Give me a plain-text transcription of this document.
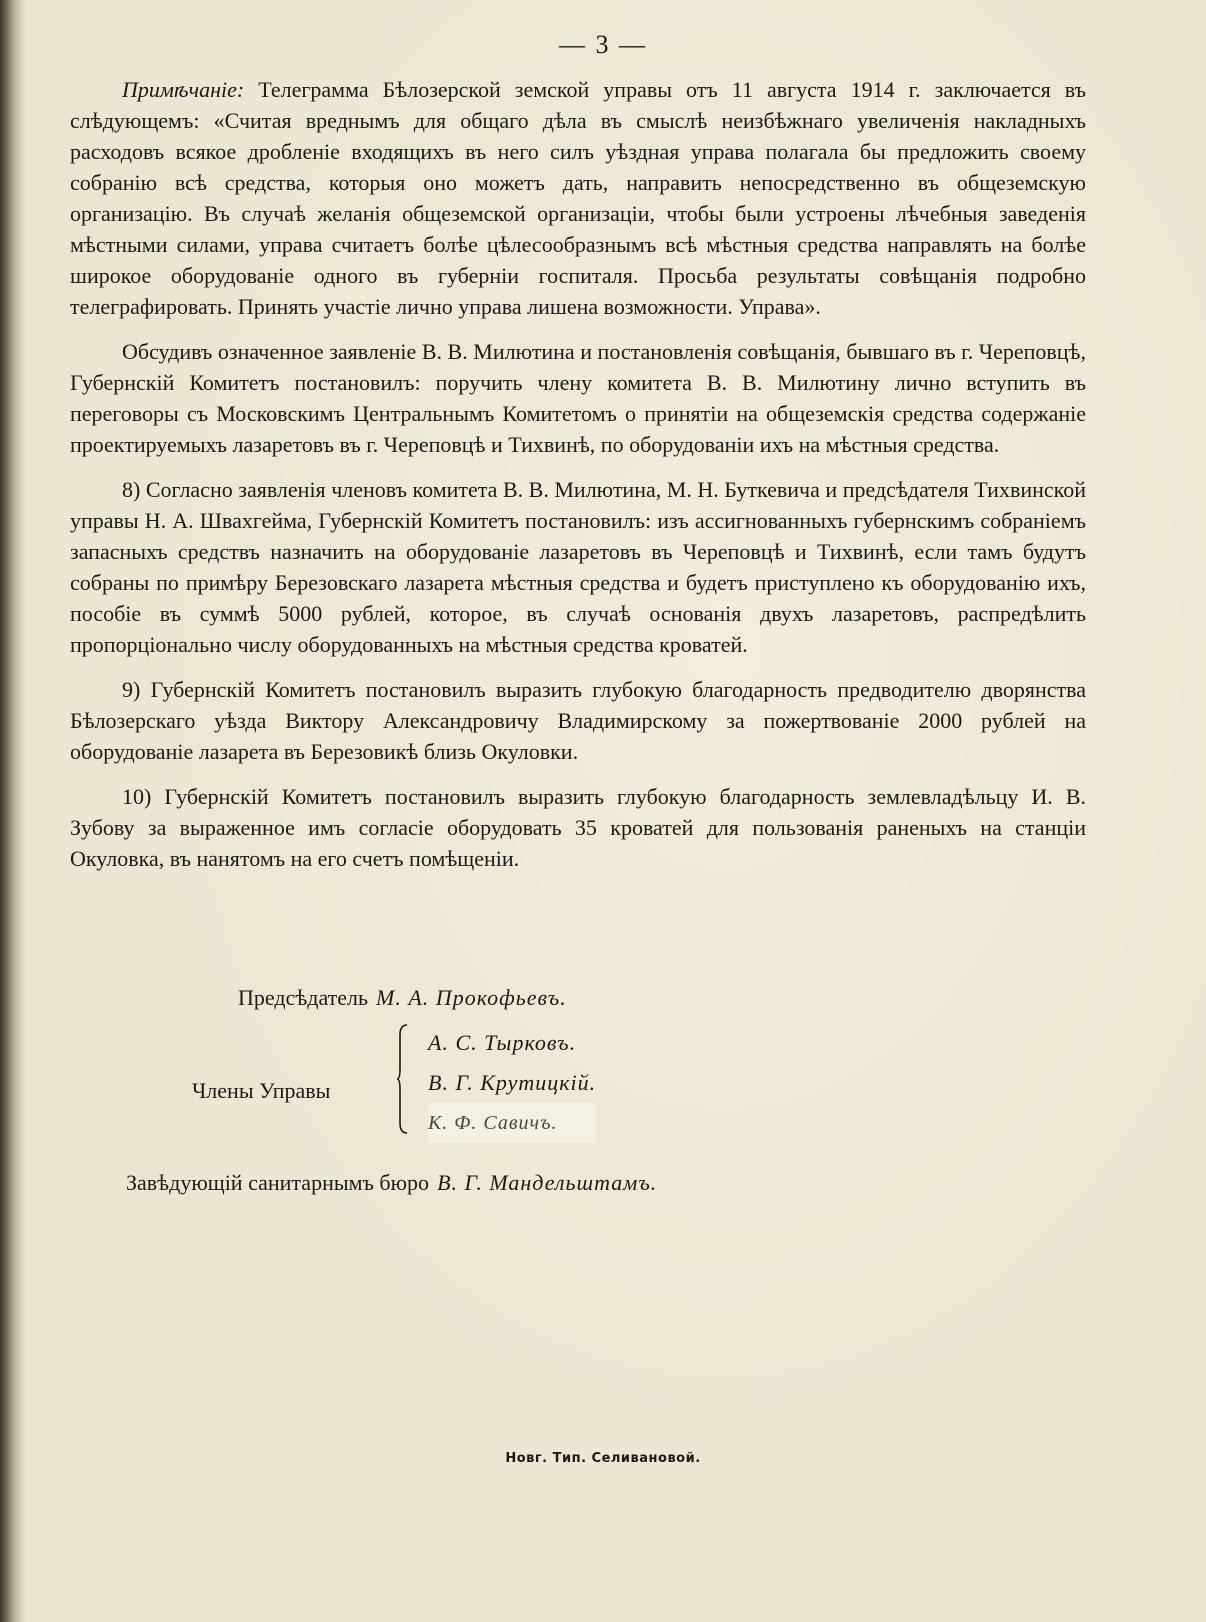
— 3 —

Примѣчаніе: Телеграмма Бѣлозерской земской управы отъ 11 августа 1914 г. заключается въ слѣдующемъ: «Считая вреднымъ для общаго дѣла въ смыслѣ неизбѣжнаго увеличенія накладныхъ расходовъ всякое дробленіе входящихъ въ него силъ уѣздная управа полагала бы предложить своему собранію всѣ средства, которыя оно можетъ дать, направить непосредственно въ общеземскую организацію. Въ случаѣ желанія общеземской организаціи, чтобы были устроены лѣчебныя заведенія мѣстными силами, управа считаетъ болѣе цѣлесообразнымъ всѣ мѣстныя средства направлять на болѣе широкое оборудованіе одного въ губерніи госпиталя. Просьба результаты совѣщанія подробно телеграфировать. Принять участіе лично управа лишена возможности. Управа».

Обсудивъ означенное заявленіе В. В. Милютина и постановленія совѣщанія, бывшаго въ г. Череповцѣ, Губернскій Комитетъ постановилъ: поручить члену комитета В. В. Милютину лично вступить въ переговоры съ Московскимъ Центральнымъ Комитетомъ о принятіи на общеземскія средства содержаніе проектируемыхъ лазаретовъ въ г. Череповцѣ и Тихвинѣ, по оборудованіи ихъ на мѣстныя средства.

8) Согласно заявленія членовъ комитета В. В. Милютина, М. Н. Буткевича и предсѣдателя Тихвинской управы Н. А. Швахгейма, Губернскій Комитетъ постановилъ: изъ ассигнованныхъ губернскимъ собраніемъ запасныхъ средствъ назначить на оборудованіе лазаретовъ въ Череповцѣ и Тихвинѣ, если тамъ будутъ собраны по примѣру Березовскаго лазарета мѣстныя средства и будетъ приступлено къ оборудованію ихъ, пособіе въ суммѣ 5000 рублей, которое, въ случаѣ основанія двухъ лазаретовъ, распредѣлить пропорціонально числу оборудованныхъ на мѣстныя средства кроватей.

9) Губернскій Комитетъ постановилъ выразить глубокую благодарность предводителю дворянства Бѣлозерскаго уѣзда Виктору Александровичу Владимирскому за пожертвованіе 2000 рублей на оборудованіе лазарета въ Березовикѣ близь Окуловки.

10) Губернскій Комитетъ постановилъ выразить глубокую благодарность землевладѣльцу И. В. Зубову за выраженное имъ согласіе оборудовать 35 кроватей для пользованія раненыхъ на станціи Окуловка, въ нанятомъ на его счетъ помѣщеніи.

Предсѣдатель М. А. Прокофьевъ.
Члены Управы
А. С. Тырковъ.
В. Г. Крутицкій.
К. Ф. Савичъ.
Завѣдующій санитарнымъ бюро В. Г. Мандельштамъ.
Новг. Тип. Селивановой.
